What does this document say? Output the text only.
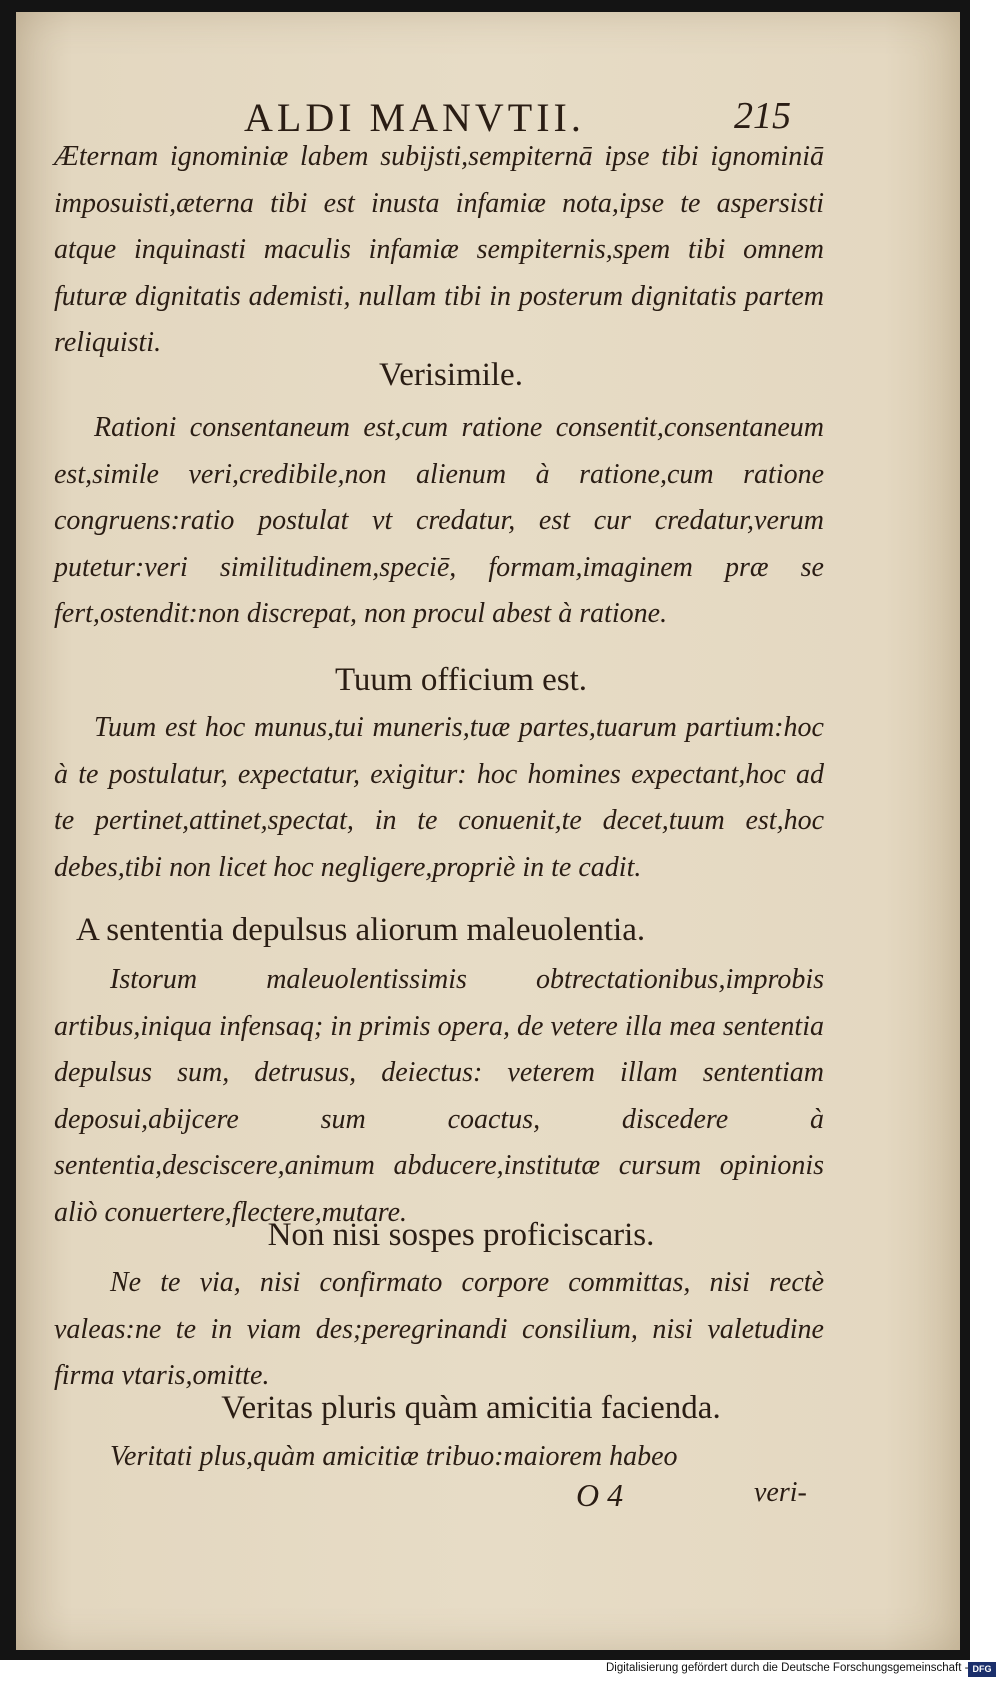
ALDI MANVTII.	215

Æternam ignominiæ labem subijsti,sempiternā ipse tibi ignominiā imposuisti,æterna tibi est inusta infamiæ nota,ipse te aspersisti atque inquinasti maculis infamiæ sempiternis,spem tibi omnem futuræ dignitatis ademisti, nullam tibi in posterum dignitatis partem reliquisti.

Verisimile.

Rationi consentaneum est,cum ratione consentit,consentaneum est,simile veri,credibile,non alienum à ratione,cum ratione congruens:ratio postulat vt credatur, est cur credatur,verum putetur:veri similitudinem,speciē, formam,imaginem præ se fert,ostendit:non discrepat, non procul abest à ratione.

Tuum officium est.

Tuum est hoc munus,tui muneris,tuæ partes,tuarum partium:hoc à te postulatur, expectatur, exigitur: hoc homines expectant,hoc ad te pertinet,attinet,spectat, in te conuenit,te decet,tuum est,hoc debes,tibi non licet hoc negligere,propriè in te cadit.

A sententia depulsus aliorum maleuolentia.

Istorum maleuolentissimis obtrectationibus,improbis artibus,iniqua infensaq; in primis opera, de vetere illa mea sententia depulsus sum, detrusus, deiectus: veterem illam sententiam deposui,abijcere sum coactus, discedere à sententia,desciscere,animum abducere,institutæ cursum opinionis aliò conuertere,flectere,mutare.

Non nisi sospes proficiscaris.

Ne te via, nisi confirmato corpore committas, nisi rectè valeas:ne te in viam des;peregrinandi consilium, nisi valetudine firma vtaris,omitte.

Veritas pluris quàm amicitia facienda.

Veritati plus,quàm amicitiæ tribuo:maiorem habeo

O 4	veri-
Digitalisierung gefördert durch die Deutsche Forschungsgemeinschaft - DFG
